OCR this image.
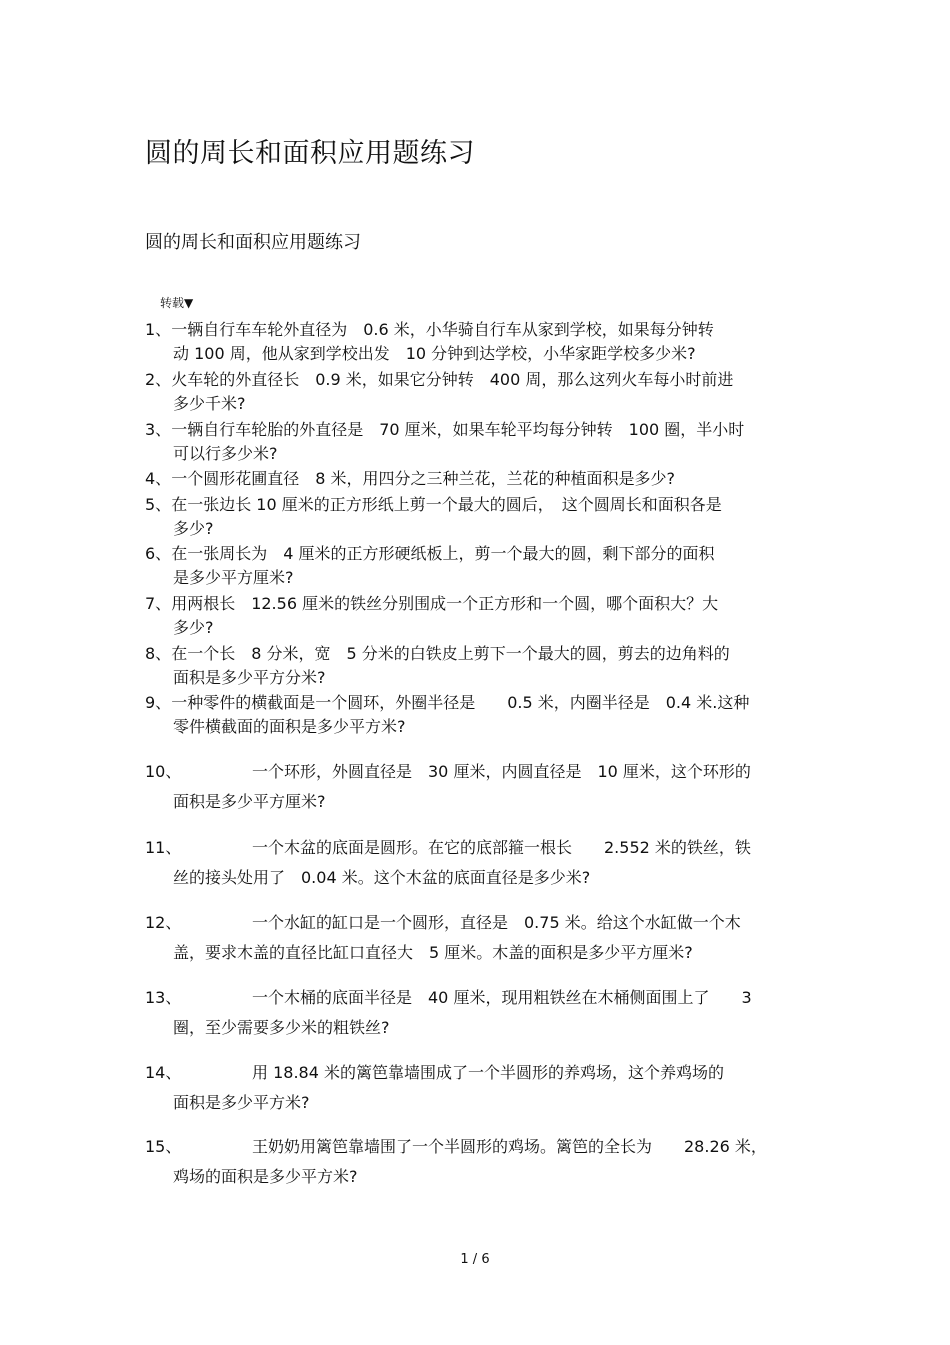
圆的周长和面积应用题练习
圆的周长和面积应用题练习
转载▼
1、一辆自行车车轮外直径为　0.6 米，小华骑自行车从家到学校，如果每分钟转
动 100 周，他从家到学校出发　10 分钟到达学校，小华家距学校多少米?
2、火车轮的外直径长　0.9 米，如果它分钟转　400 周，那么这列火车每小时前进
多少千米?
3、一辆自行车轮胎的外直径是　70 厘米，如果车轮平均每分钟转　100 圈，半小时
可以行多少米?
4、一个圆形花圃直径　8 米，用四分之三种兰花，兰花的种植面积是多少?
5、在一张边长 10 厘米的正方形纸上剪一个最大的圆后，　这个圆周长和面积各是
多少?
6、在一张周长为　4 厘米的正方形硬纸板上，剪一个最大的圆，剩下部分的面积
是多少平方厘米?
7、用两根长　12.56 厘米的铁丝分别围成一个正方形和一个圆，哪个面积大？大
多少?
8、在一个长　8 分米，宽　5 分米的白铁皮上剪下一个最大的圆，剪去的边角料的
面积是多少平方分米?
9、一种零件的横截面是一个圆环，外圈半径是　　0.5 米，内圈半径是　0.4 米.这种
零件横截面的面积是多少平方米?
10、	一个环形，外圆直径是　30 厘米，内圆直径是　10 厘米，这个环形的
面积是多少平方厘米?
11、	一个木盆的底面是圆形。在它的底部箍一根长　　2.552 米的铁丝，铁
丝的接头处用了　0.04 米。这个木盆的底面直径是多少米?
12、	一个水缸的缸口是一个圆形，直径是　0.75 米。给这个水缸做一个木
盖，要求木盖的直径比缸口直径大　5 厘米。木盖的面积是多少平方厘米?
13、	一个木桶的底面半径是　40 厘米，现用粗铁丝在木桶侧面围上了　　3
圈，至少需要多少米的粗铁丝?
14、	用 18.84 米的篱笆靠墙围成了一个半圆形的养鸡场，这个养鸡场的
面积是多少平方米?
15、	王奶奶用篱笆靠墙围了一个半圆形的鸡场。篱笆的全长为　　28.26 米，
鸡场的面积是多少平方米?
1 / 6
